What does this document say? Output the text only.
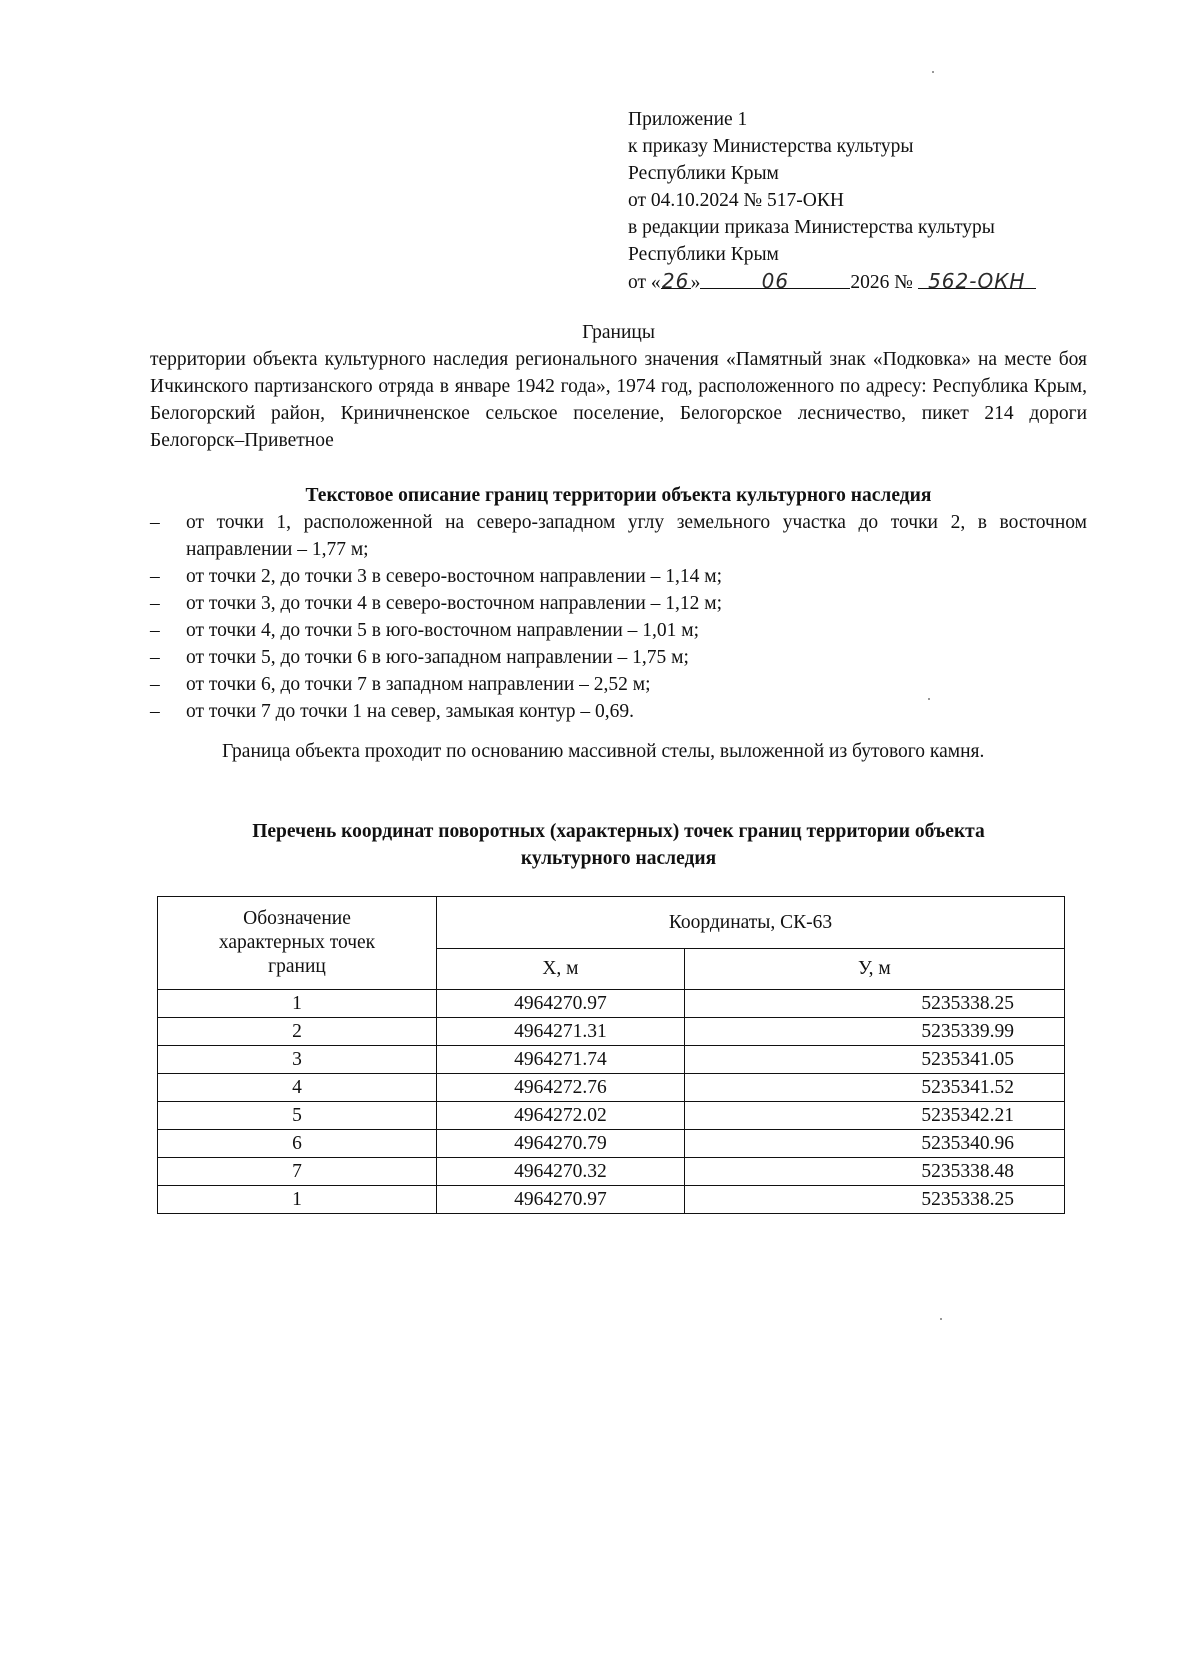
Приложение 1
к приказу Министерства культуры
Республики Крым
от 04.10.2024 № 517-ОКН
в редакции приказа Министерства культуры
Республики Крым
от «26»	06	2026 № 562-ОКН
Границы
территории объекта культурного наследия регионального значения «Памятный знак «Подковка» на месте боя Ичкинского партизанского отряда в январе 1942 года», 1974 год, расположенного по адресу: Республика Крым, Белогорский район, Криничненское сельское поселение, Белогорское лесничество, пикет 214 дороги Белогорск–Приветное
Текстовое описание границ территории объекта культурного наследия
– от точки 1, расположенной на северо-западном углу земельного участка до точки 2, в восточном направлении – 1,77 м;
– от точки 2, до точки 3 в северо-восточном направлении – 1,14 м;
– от точки 3, до точки 4 в северо-восточном направлении – 1,12 м;
– от точки 4, до точки 5 в юго-восточном направлении – 1,01 м;
– от точки 5, до точки 6 в юго-западном направлении – 1,75 м;
– от точки 6, до точки 7 в западном направлении – 2,52 м;
– от точки 7 до точки 1 на север, замыкая контур – 0,69.
Граница объекта проходит по основанию массивной стелы, выложенной из бутового камня.
Перечень координат поворотных (характерных) точек границ территории объекта
культурного наследия
Обозначение
характерных точек
границ	Координаты, СК-63	
	X, м	У, м
1	4964270.97	5235338.25
2	4964271.31	5235339.99
3	4964271.74	5235341.05
4	4964272.76	5235341.52
5	4964272.02	5235342.21
6	4964270.79	5235340.96
7	4964270.32	5235338.48
1	4964270.97	5235338.25
